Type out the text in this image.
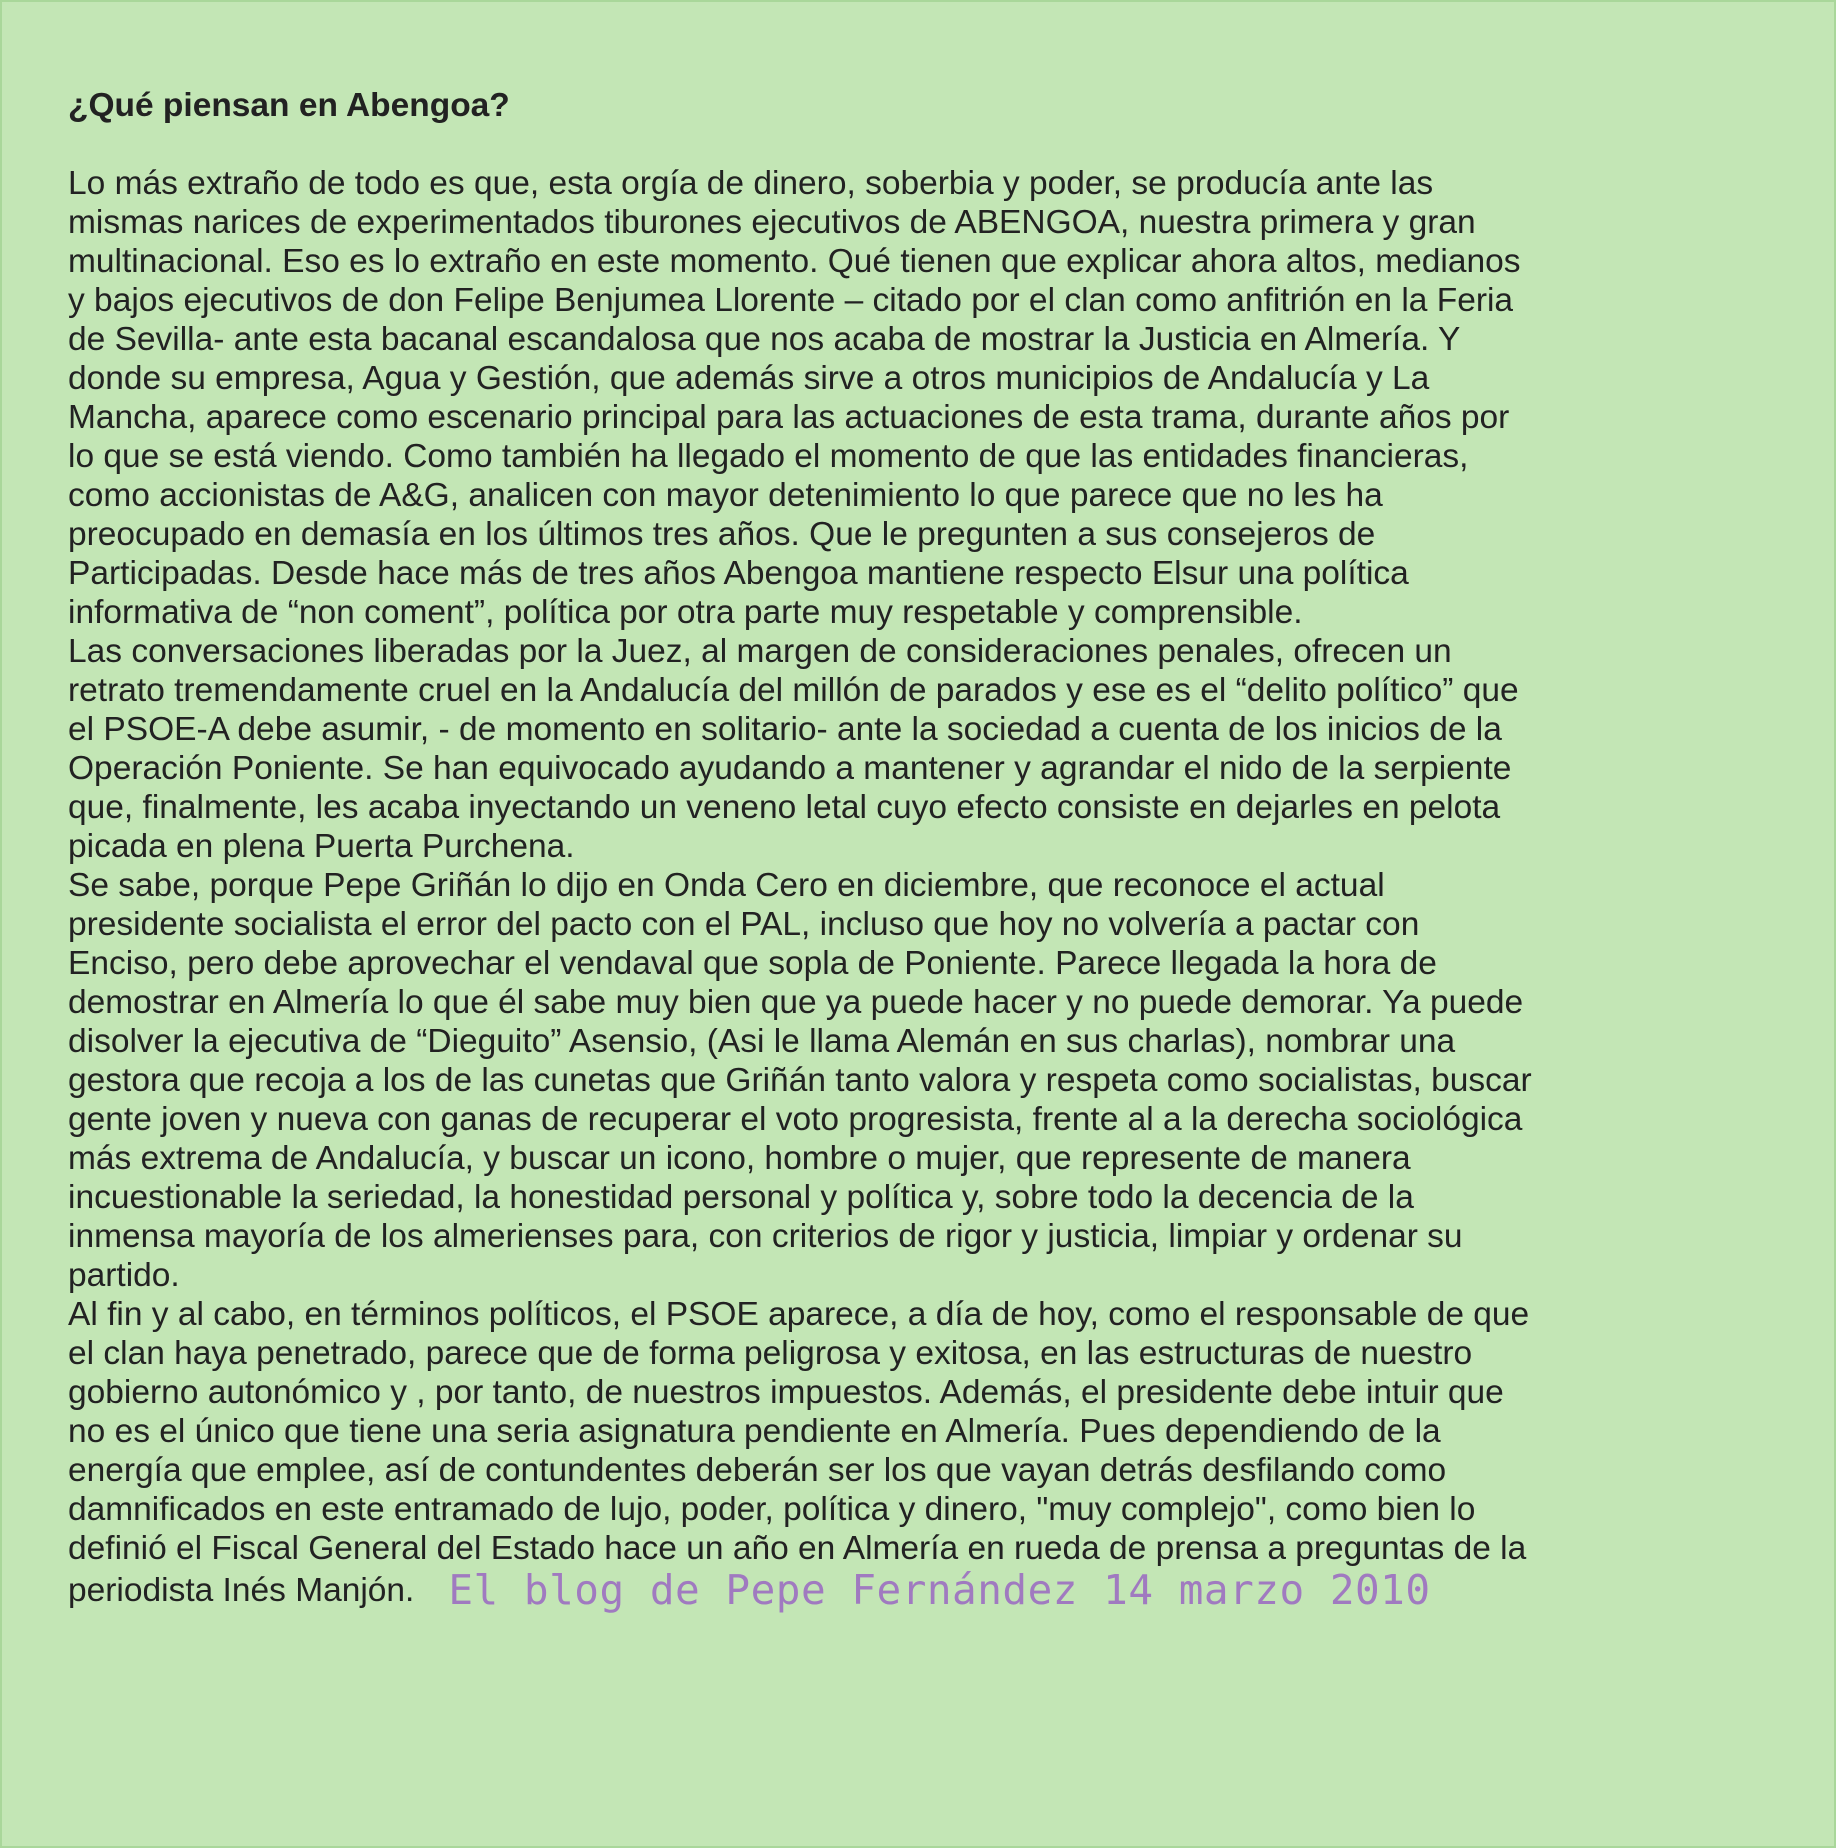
¿Qué piensan en Abengoa?
Lo más extraño de todo es que, esta orgía de dinero, soberbia y poder, se producía ante las
mismas narices de experimentados tiburones ejecutivos de ABENGOA, nuestra primera y gran
multinacional. Eso es lo extraño en este momento. Qué tienen que explicar ahora altos, medianos
y bajos ejecutivos de don Felipe Benjumea Llorente – citado por el clan como anfitrión en la Feria
de Sevilla- ante esta bacanal escandalosa que nos acaba de mostrar la Justicia en Almería. Y
donde su empresa, Agua y Gestión, que además sirve a otros municipios de Andalucía y La
Mancha, aparece como escenario principal para las actuaciones de esta trama, durante años por
lo que se está viendo. Como también ha llegado el momento de que las entidades financieras,
como accionistas de A&G, analicen con mayor detenimiento lo que parece que no les ha
preocupado en demasía en los últimos tres años. Que le pregunten a sus consejeros de
Participadas. Desde hace más de tres años Abengoa mantiene respecto Elsur una política
informativa de “non coment”, política por otra parte muy respetable y comprensible.
Las conversaciones liberadas por la Juez, al margen de consideraciones penales, ofrecen un
retrato tremendamente cruel en la Andalucía del millón de parados y ese es el “delito político” que
el PSOE-A debe asumir, - de momento en solitario- ante la sociedad a cuenta de los inicios de la
Operación Poniente. Se han equivocado ayudando a mantener y agrandar el nido de la serpiente
que, finalmente, les acaba inyectando un veneno letal cuyo efecto consiste en dejarles en pelota
picada en plena Puerta Purchena.
Se sabe, porque Pepe Griñán lo dijo en Onda Cero en diciembre, que reconoce el actual
presidente socialista el error del pacto con el PAL, incluso que hoy no volvería a pactar con
Enciso, pero debe aprovechar el vendaval que sopla de Poniente. Parece llegada la hora de
demostrar en Almería lo que él sabe muy bien que ya puede hacer y no puede demorar. Ya puede
disolver la ejecutiva de “Dieguito” Asensio, (Asi le llama Alemán en sus charlas), nombrar una
gestora que recoja a los de las cunetas que Griñán tanto valora y respeta como socialistas, buscar
gente joven y nueva con ganas de recuperar el voto progresista, frente al a la derecha sociológica
más extrema de Andalucía, y buscar un icono, hombre o mujer, que represente de manera
incuestionable la seriedad, la honestidad personal y política y, sobre todo la decencia de la
inmensa mayoría de los almerienses para, con criterios de rigor y justicia, limpiar y ordenar su
partido.
Al fin y al cabo, en términos políticos, el PSOE aparece, a día de hoy, como el responsable de que
el clan haya penetrado, parece que de forma peligrosa y exitosa, en las estructuras de nuestro
gobierno autonómico y , por tanto, de nuestros impuestos. Además, el presidente debe intuir que
no es el único que tiene una seria asignatura pendiente en Almería. Pues dependiendo de la
energía que emplee, así de contundentes deberán ser los que vayan detrás desfilando como
damnificados en este entramado de lujo, poder, política y dinero, "muy complejo", como bien lo
definió el Fiscal General del Estado hace un año en Almería en rueda de prensa a preguntas de la
periodista Inés Manjón. El blog de Pepe Fernández 14 marzo 2010
